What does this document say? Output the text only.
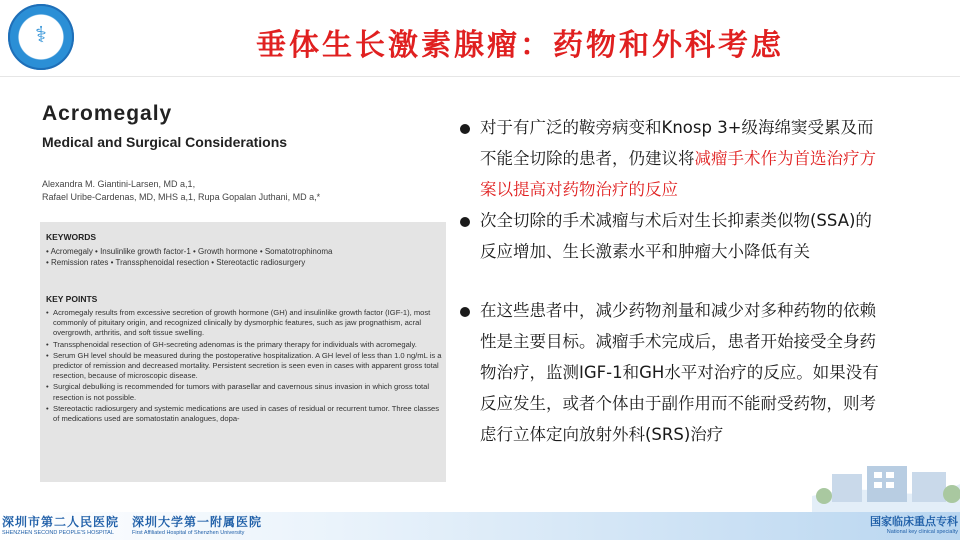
⚕	垂体生长激素腺瘤：药物和外科考虑
Acromegaly
Medical and Surgical Considerations
Alexandra M. Giantini-Larsen, MD a,1,
Rafael Uribe-Cardenas, MD, MHS a,1, Rupa Gopalan Juthani, MD a,*
KEYWORDS
• Acromegaly • Insulinlike growth factor-1 • Growth hormone • Somatotrophinoma
• Remission rates • Transsphenoidal resection • Stereotactic radiosurgery
KEY POINTS
• Acromegaly results from excessive secretion of growth hormone (GH) and insulinlike growth factor (IGF-1), most commonly of pituitary origin, and recognized clinically by dysmorphic features, such as jaw prognathism, acral overgrowth, arthritis, and soft tissue swelling.
• Transsphenoidal resection of GH-secreting adenomas is the primary therapy for individuals with acromegaly.
• Serum GH level should be measured during the postoperative hospitalization. A GH level of less than 1.0 ng/mL is a predictor of remission and decreased mortality. Persistent secretion is seen even in cases with apparent gross total resection, because of microscopic disease.
• Surgical debulking is recommended for tumors with parasellar and cavernous sinus invasion in which gross total resection is not possible.
• Stereotactic radiosurgery and systemic medications are used in cases of residual or recurrent tumor. Three classes of medications used are somatostatin analogues, dopa-
对于有广泛的鞍旁病变和Knosp 3+级海绵窦受累及而
不能全切除的患者，仍建议将减瘤手术作为首选治疗方
案以提高对药物治疗的反应
次全切除的手术减瘤与术后对生长抑素类似物(SSA)的
反应增加、生长激素水平和肿瘤大小降低有关
在这些患者中，减少药物剂量和减少对多种药物的依赖
性是主要目标。减瘤手术完成后，患者开始接受全身药
物治疗，监测IGF-1和GH水平对治疗的反应。如果没有
反应发生，或者个体由于副作用而不能耐受药物，则考
虑行立体定向放射外科(SRS)治疗
深圳市第二人民医院
SHENZHEN SECOND PEOPLE'S HOSPITAL
深圳大学第一附属医院
First Affiliated Hospital of Shenzhen University
国家临床重点专科
National key clinical specialty
